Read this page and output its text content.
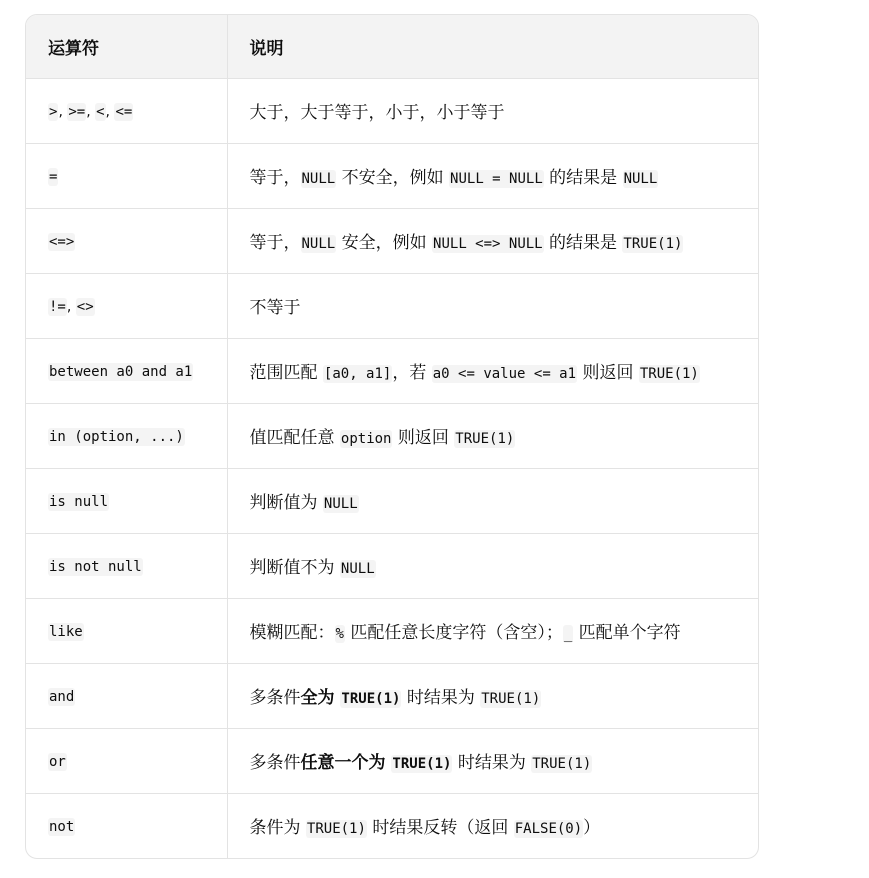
运算符	说明
>, >=, <, <=	大于，大于等于，小于，小于等于
=	等于，NULL 不安全，例如 NULL = NULL 的结果是 NULL
<=>	等于，NULL 安全，例如 NULL <=> NULL 的结果是 TRUE(1)
!=, <>	不等于
between a0 and a1	范围匹配 [a0, a1]，若 a0 <= value <= a1 则返回 TRUE(1)
in (option, ...)	值匹配任意 option 则返回 TRUE(1)
is null	判断值为 NULL
is not null	判断值不为 NULL
like	模糊匹配：% 匹配任意长度字符（含空）；_ 匹配单个字符
and	多条件全为 TRUE(1) 时结果为 TRUE(1)
or	多条件任意一个为 TRUE(1) 时结果为 TRUE(1)
not	条件为 TRUE(1) 时结果反转（返回 FALSE(0)）
